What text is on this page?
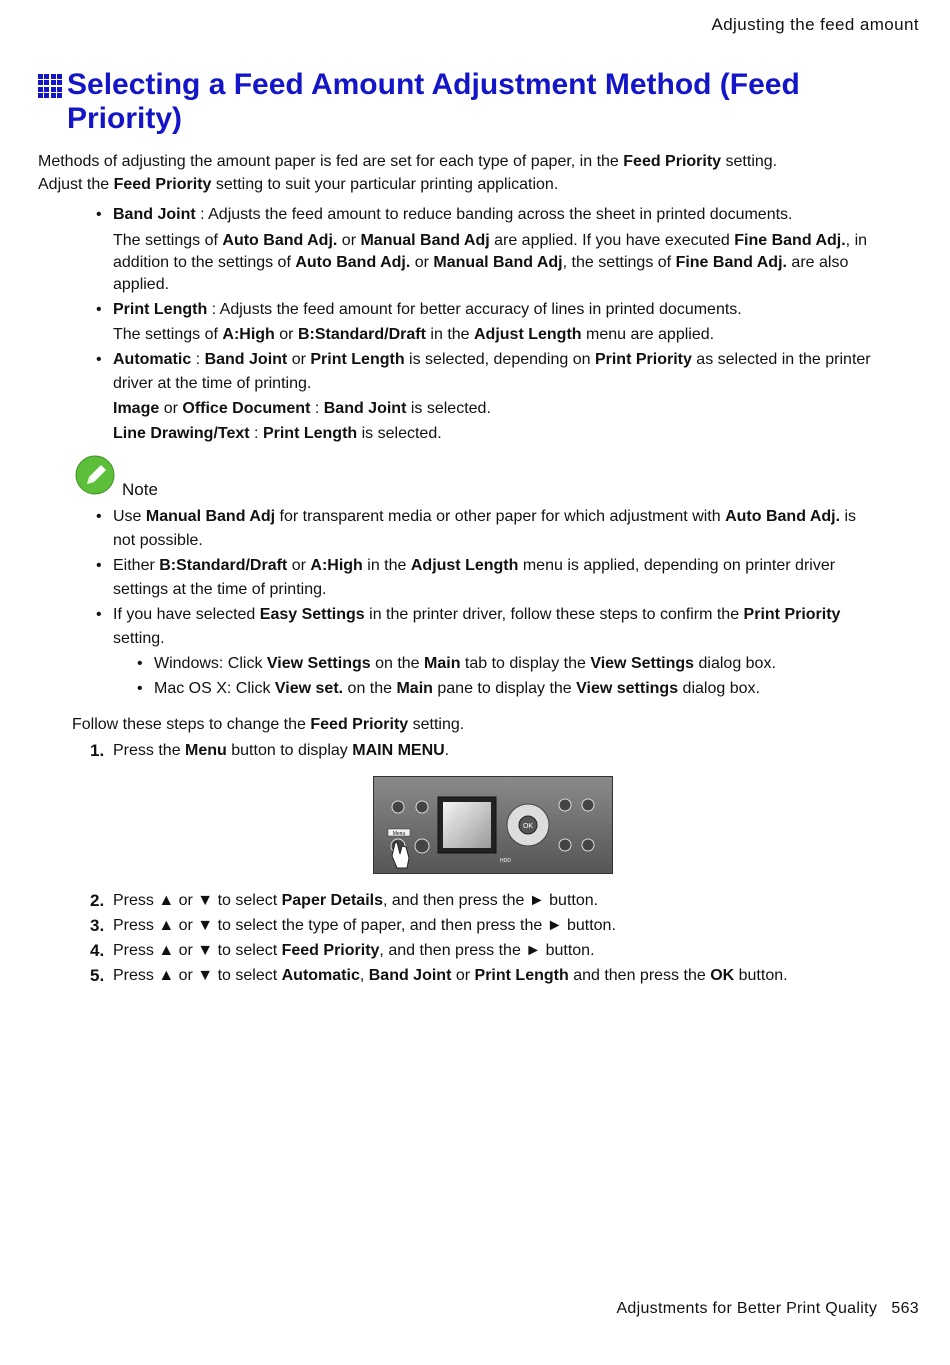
Adjusting the feed amount
Selecting a Feed Amount Adjustment Method (Feed Priority)
Methods of adjusting the amount paper is fed are set for each type of paper, in the Feed Priority setting.
Adjust the Feed Priority setting to suit your particular printing application.
• Band Joint : Adjusts the feed amount to reduce banding across the sheet in printed documents.
The settings of Auto Band Adj. or Manual Band Adj are applied. If you have executed Fine Band Adj., in addition to the settings of Auto Band Adj. or Manual Band Adj, the settings of Fine Band Adj. are also applied.
• Print Length : Adjusts the feed amount for better accuracy of lines in printed documents.
The settings of A:High or B:Standard/Draft in the Adjust Length menu are applied.
• Automatic : Band Joint or Print Length is selected, depending on Print Priority as selected in the printer driver at the time of printing.
Image or Office Document : Band Joint is selected.
Line Drawing/Text : Print Length is selected.
Note
• Use Manual Band Adj for transparent media or other paper for which adjustment with Auto Band Adj. is not possible.
• Either B:Standard/Draft or A:High in the Adjust Length menu is applied, depending on printer driver settings at the time of printing.
• If you have selected Easy Settings in the printer driver, follow these steps to confirm the Print Priority setting.
• Windows: Click View Settings on the Main tab to display the View Settings dialog box.
• Mac OS X: Click View set. on the Main pane to display the View settings dialog box.
Follow these steps to change the Feed Priority setting.
1. Press the Menu button to display MAIN MENU.
Menu
OK
HDD
2. Press ▲ or ▼ to select Paper Details, and then press the ► button.
3. Press ▲ or ▼ to select the type of paper, and then press the ► button.
4. Press ▲ or ▼ to select Feed Priority, and then press the ► button.
5. Press ▲ or ▼ to select Automatic, Band Joint or Print Length and then press the OK button.
Adjustments for Better Print Quality 563
